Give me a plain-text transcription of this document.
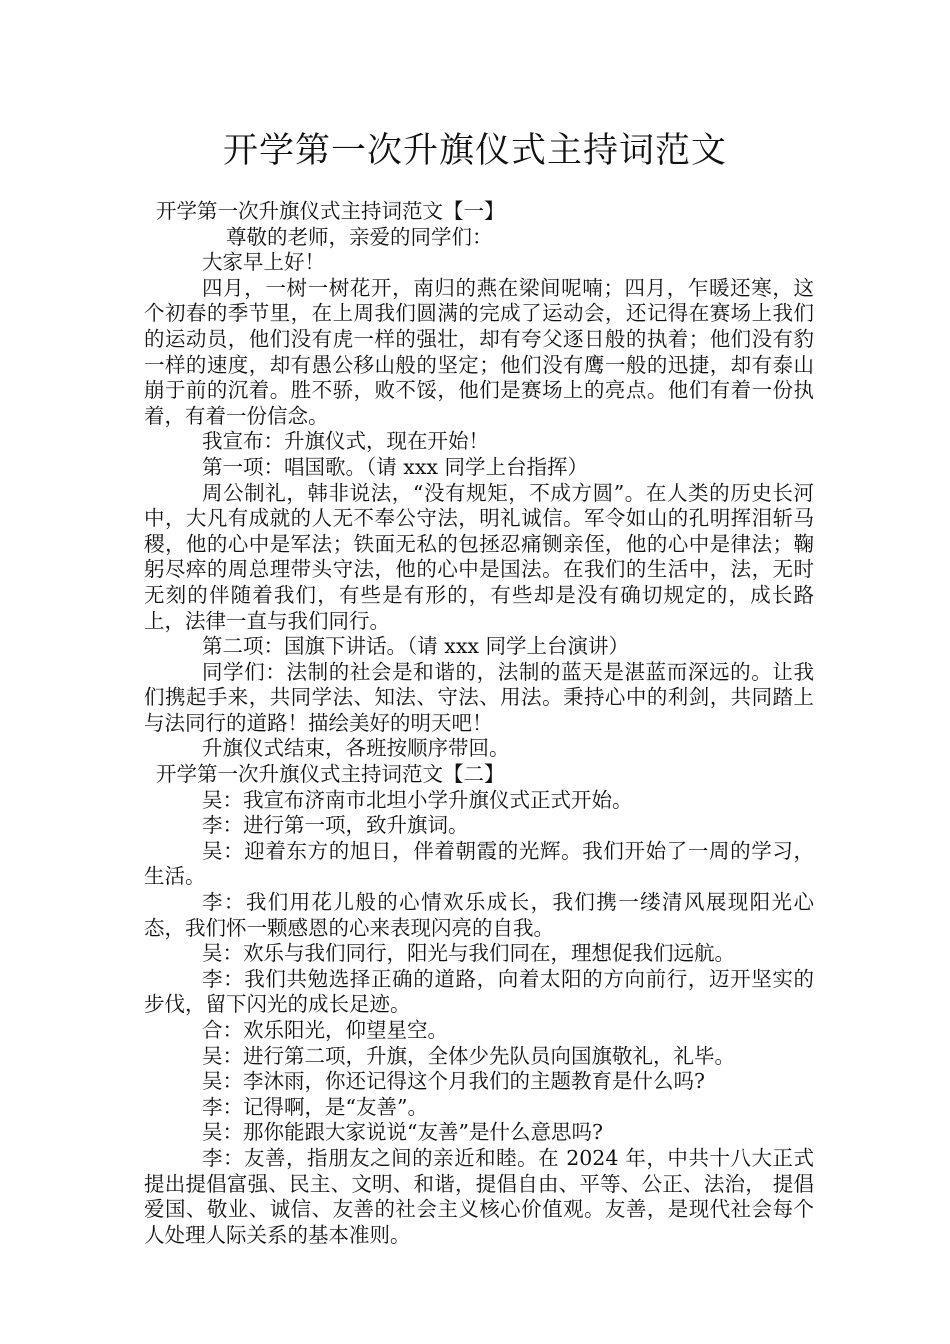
开学第一次升旗仪式主持词范文

开学第一次升旗仪式主持词范文【一】

尊敬的老师，亲爱的同学们：

大家早上好！

四月，一树一树花开，南归的燕在梁间呢喃；四月，乍暖还寒，这个初春的季节里，在上周我们圆满的完成了运动会，还记得在赛场上我们的运动员，他们没有虎一样的强壮，却有夸父逐日般的执着；他们没有豹一样的速度，却有愚公移山般的坚定；他们没有鹰一般的迅捷，却有泰山崩于前的沉着。胜不骄，败不馁，他们是赛场上的亮点。他们有着一份执着，有着一份信念。

我宣布：升旗仪式，现在开始！

第一项：唱国歌。（请 xxx 同学上台指挥）

周公制礼，韩非说法，“没有规矩，不成方圆”。在人类的历史长河中，大凡有成就的人无不奉公守法，明礼诚信。军令如山的孔明挥泪斩马稷，他的心中是军法；铁面无私的包拯忍痛铡亲侄，他的心中是律法；鞠躬尽瘁的周总理带头守法，他的心中是国法。在我们的生活中，法，无时无刻的伴随着我们，有些是有形的，有些却是没有确切规定的，成长路上，法律一直与我们同行。

第二项：国旗下讲话。（请 xxx 同学上台演讲）

同学们：法制的社会是和谐的，法制的蓝天是湛蓝而深远的。让我们携起手来，共同学法、知法、守法、用法。秉持心中的利剑，共同踏上与法同行的道路！描绘美好的明天吧！

升旗仪式结束，各班按顺序带回。

开学第一次升旗仪式主持词范文【二】

吴：我宣布济南市北坦小学升旗仪式正式开始。

李：进行第一项，致升旗词。

吴：迎着东方的旭日，伴着朝霞的光辉。我们开始了一周的学习，生活。

李：我们用花儿般的心情欢乐成长，我们携一缕清风展现阳光心态，我们怀一颗感恩的心来表现闪亮的自我。

吴：欢乐与我们同行，阳光与我们同在，理想促我们远航。

李：我们共勉选择正确的道路，向着太阳的方向前行，迈开坚实的步伐，留下闪光的成长足迹。

合：欢乐阳光，仰望星空。

吴：进行第二项，升旗，全体少先队员向国旗敬礼，礼毕。

吴：李沐雨，你还记得这个月我们的主题教育是什么吗?

李：记得啊，是“友善”。

吴：那你能跟大家说说“友善”是什么意思吗?

李：友善，指朋友之间的亲近和睦。在 2024 年，中共十八大正式提出提倡富强、民主、文明、和谐，提倡自由、平等、公正、法治， 提倡爱国、敬业、诚信、友善的社会主义核心价值观。友善，是现代社会每个人处理人际关系的基本准则。
